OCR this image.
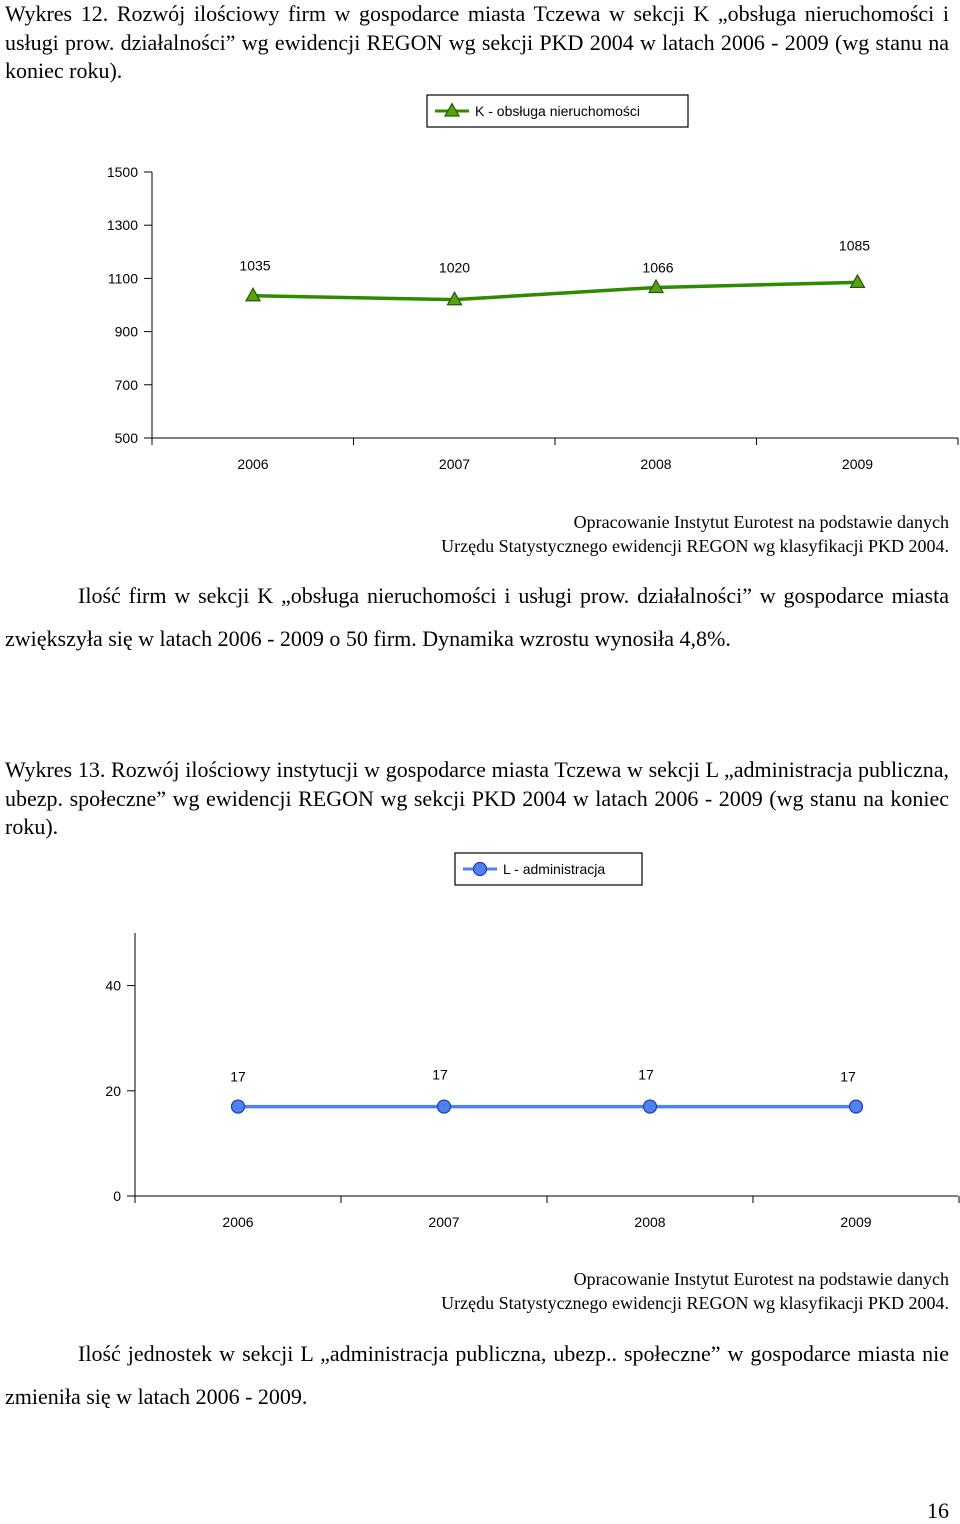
Wykres 12. Rozwój ilościowy firm w gospodarce miasta Tczewa w sekcji K „obsługa nieruchomości i usługi prow. działalności” wg ewidencji REGON wg sekcji PKD 2004 w latach 2006 - 2009 (wg stanu na koniec roku).
K - obsługa nieruchomości
1500
1300
1100
900
700
500
2006	2007	2008	2009
1035	1020	1066
1085
Opracowanie Instytut Eurotest na podstawie danych
Urzędu Statystycznego ewidencji REGON wg klasyfikacji PKD 2004.
Ilość firm w sekcji K „obsługa nieruchomości i usługi prow. działalności” w gospodarce miasta zwiększyła się w latach 2006 - 2009 o 50 firm. Dynamika wzrostu wynosiła 4,8%.
Wykres 13. Rozwój ilościowy instytucji w gospodarce miasta Tczewa w sekcji L „administracja publiczna, ubezp. społeczne” wg ewidencji REGON wg sekcji PKD 2004 w latach 2006 - 2009 (wg stanu na koniec roku).
L - administracja
40
20
0
2006	2007	2008	2009
17	17	17	17
Opracowanie Instytut Eurotest na podstawie danych
Urzędu Statystycznego ewidencji REGON wg klasyfikacji PKD 2004.
Ilość jednostek w sekcji L „administracja publiczna, ubezp.. społeczne” w gospodarce miasta nie zmieniła się w latach 2006 - 2009.
16
